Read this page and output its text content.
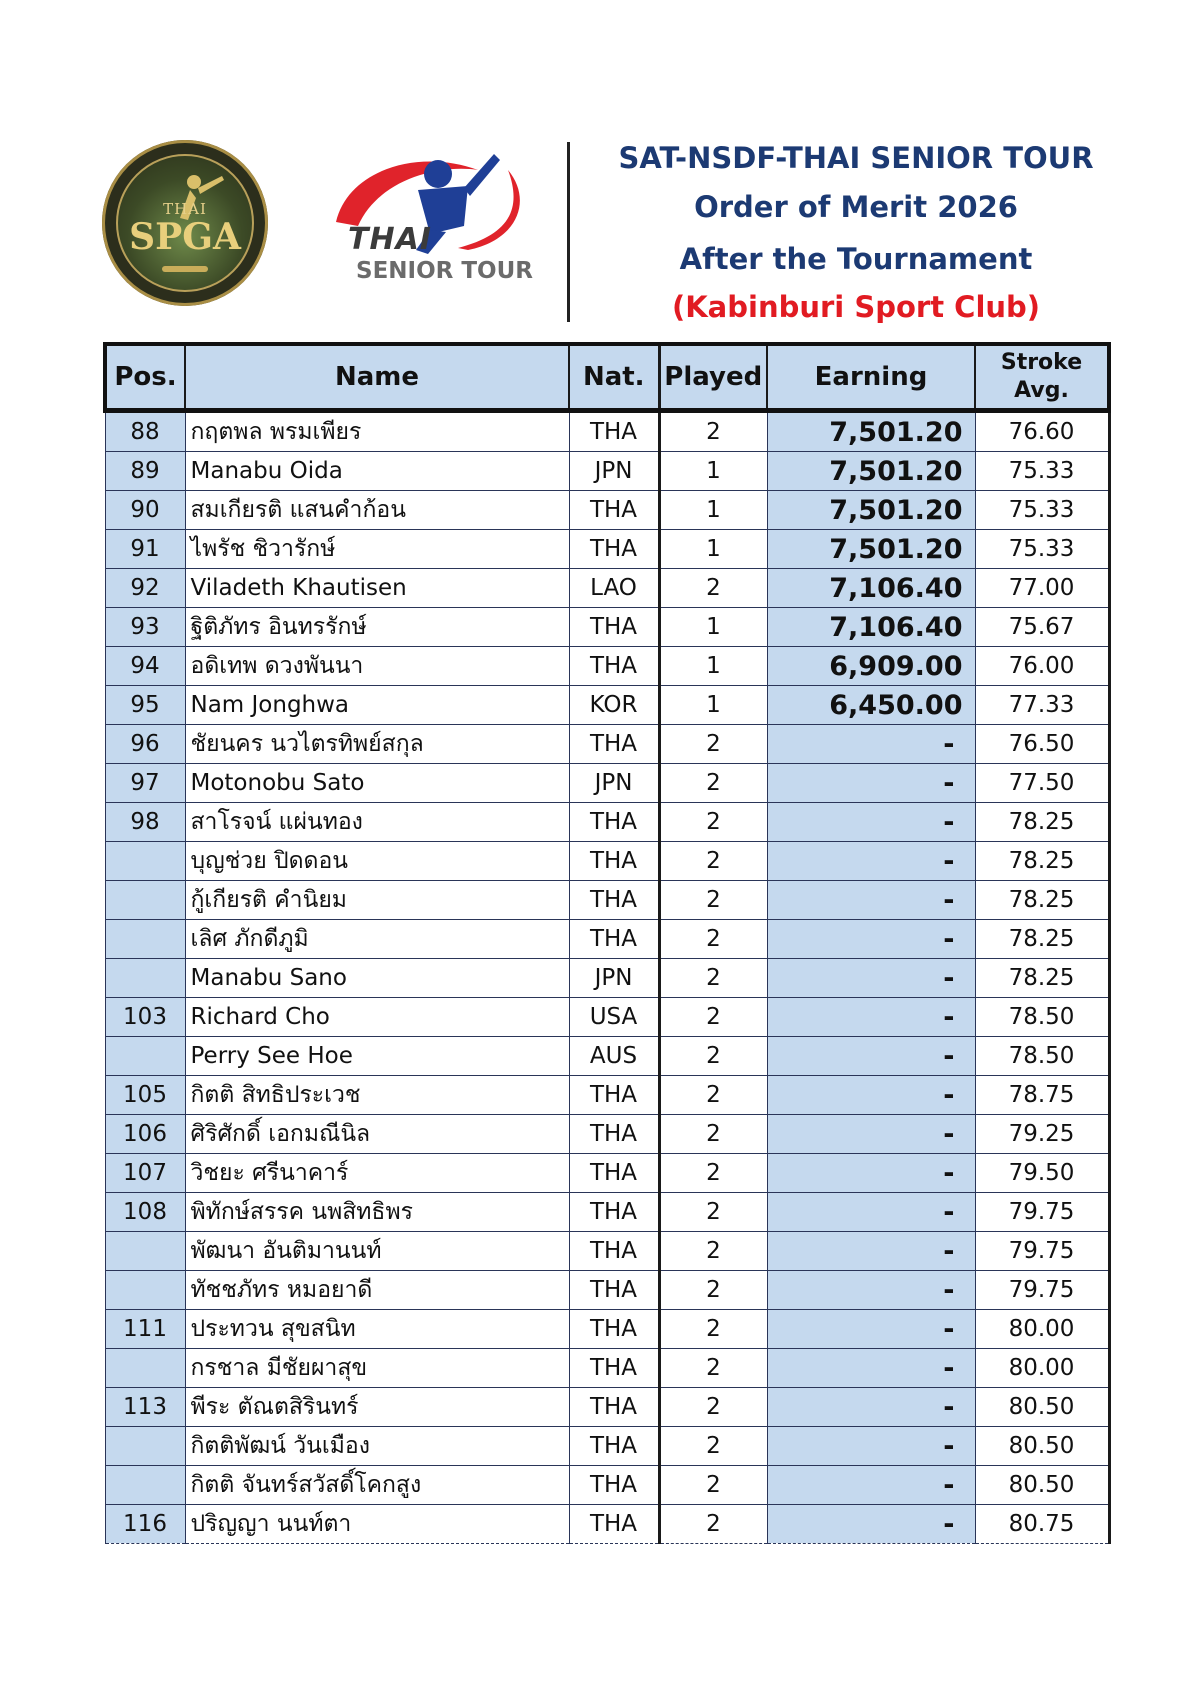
THAI
SPGA	THAI
SENIOR TOUR
SAT-NSDF-THAI SENIOR TOUR
Order of Merit 2026
After the Tournament
(Kabinburi Sport Club)
Pos.	Name	Nat.	Played	Earning	Stroke
Avg.
88	กฤตพล พรมเพียร	THA	2	7,501.20	76.60
89	Manabu Oida	JPN	1	7,501.20	75.33
90	สมเกียรติ แสนคำก้อน	THA	1	7,501.20	75.33
91	ไพรัช ชิวารักษ์	THA	1	7,501.20	75.33
92	Viladeth Khautisen	LAO	2	7,106.40	77.00
93	ฐิติภัทร อินทรรักษ์	THA	1	7,106.40	75.67
94	อดิเทพ ดวงพันนา	THA	1	6,909.00	76.00
95	Nam Jonghwa	KOR	1	6,450.00	77.33
96	ชัยนคร นวไตรทิพย์สกุล	THA	2	-	76.50
97	Motonobu Sato	JPN	2	-	77.50
98	สาโรจน์ แผ่นทอง	THA	2	-	78.25
	บุญช่วย ปิดดอน	THA	2	-	78.25
	กู้เกียรติ คำนิยม	THA	2	-	78.25
	เลิศ ภักดีภูมิ	THA	2	-	78.25
	Manabu Sano	JPN	2	-	78.25
103	Richard Cho	USA	2	-	78.50
	Perry See Hoe	AUS	2	-	78.50
105	กิตติ สิทธิประเวช	THA	2	-	78.75
106	ศิริศักดิ์ เอกมณีนิล	THA	2	-	79.25
107	วิชยะ ศรีนาคาร์	THA	2	-	79.50
108	พิทักษ์สรรค นพสิทธิพร	THA	2	-	79.75
	พัฒนา อันติมานนท์	THA	2	-	79.75
	ทัชชภัทร หมอยาดี	THA	2	-	79.75
111	ประทวน สุขสนิท	THA	2	-	80.00
	กรชาล มีชัยผาสุข	THA	2	-	80.00
113	พีระ ตัณตสิรินทร์	THA	2	-	80.50
	กิตติพัฒน์ วันเมือง	THA	2	-	80.50
	กิตติ จันทร์สวัสดิ์โคกสูง	THA	2	-	80.50
116	ปริญญา นนท์ตา	THA	2	-	80.75
